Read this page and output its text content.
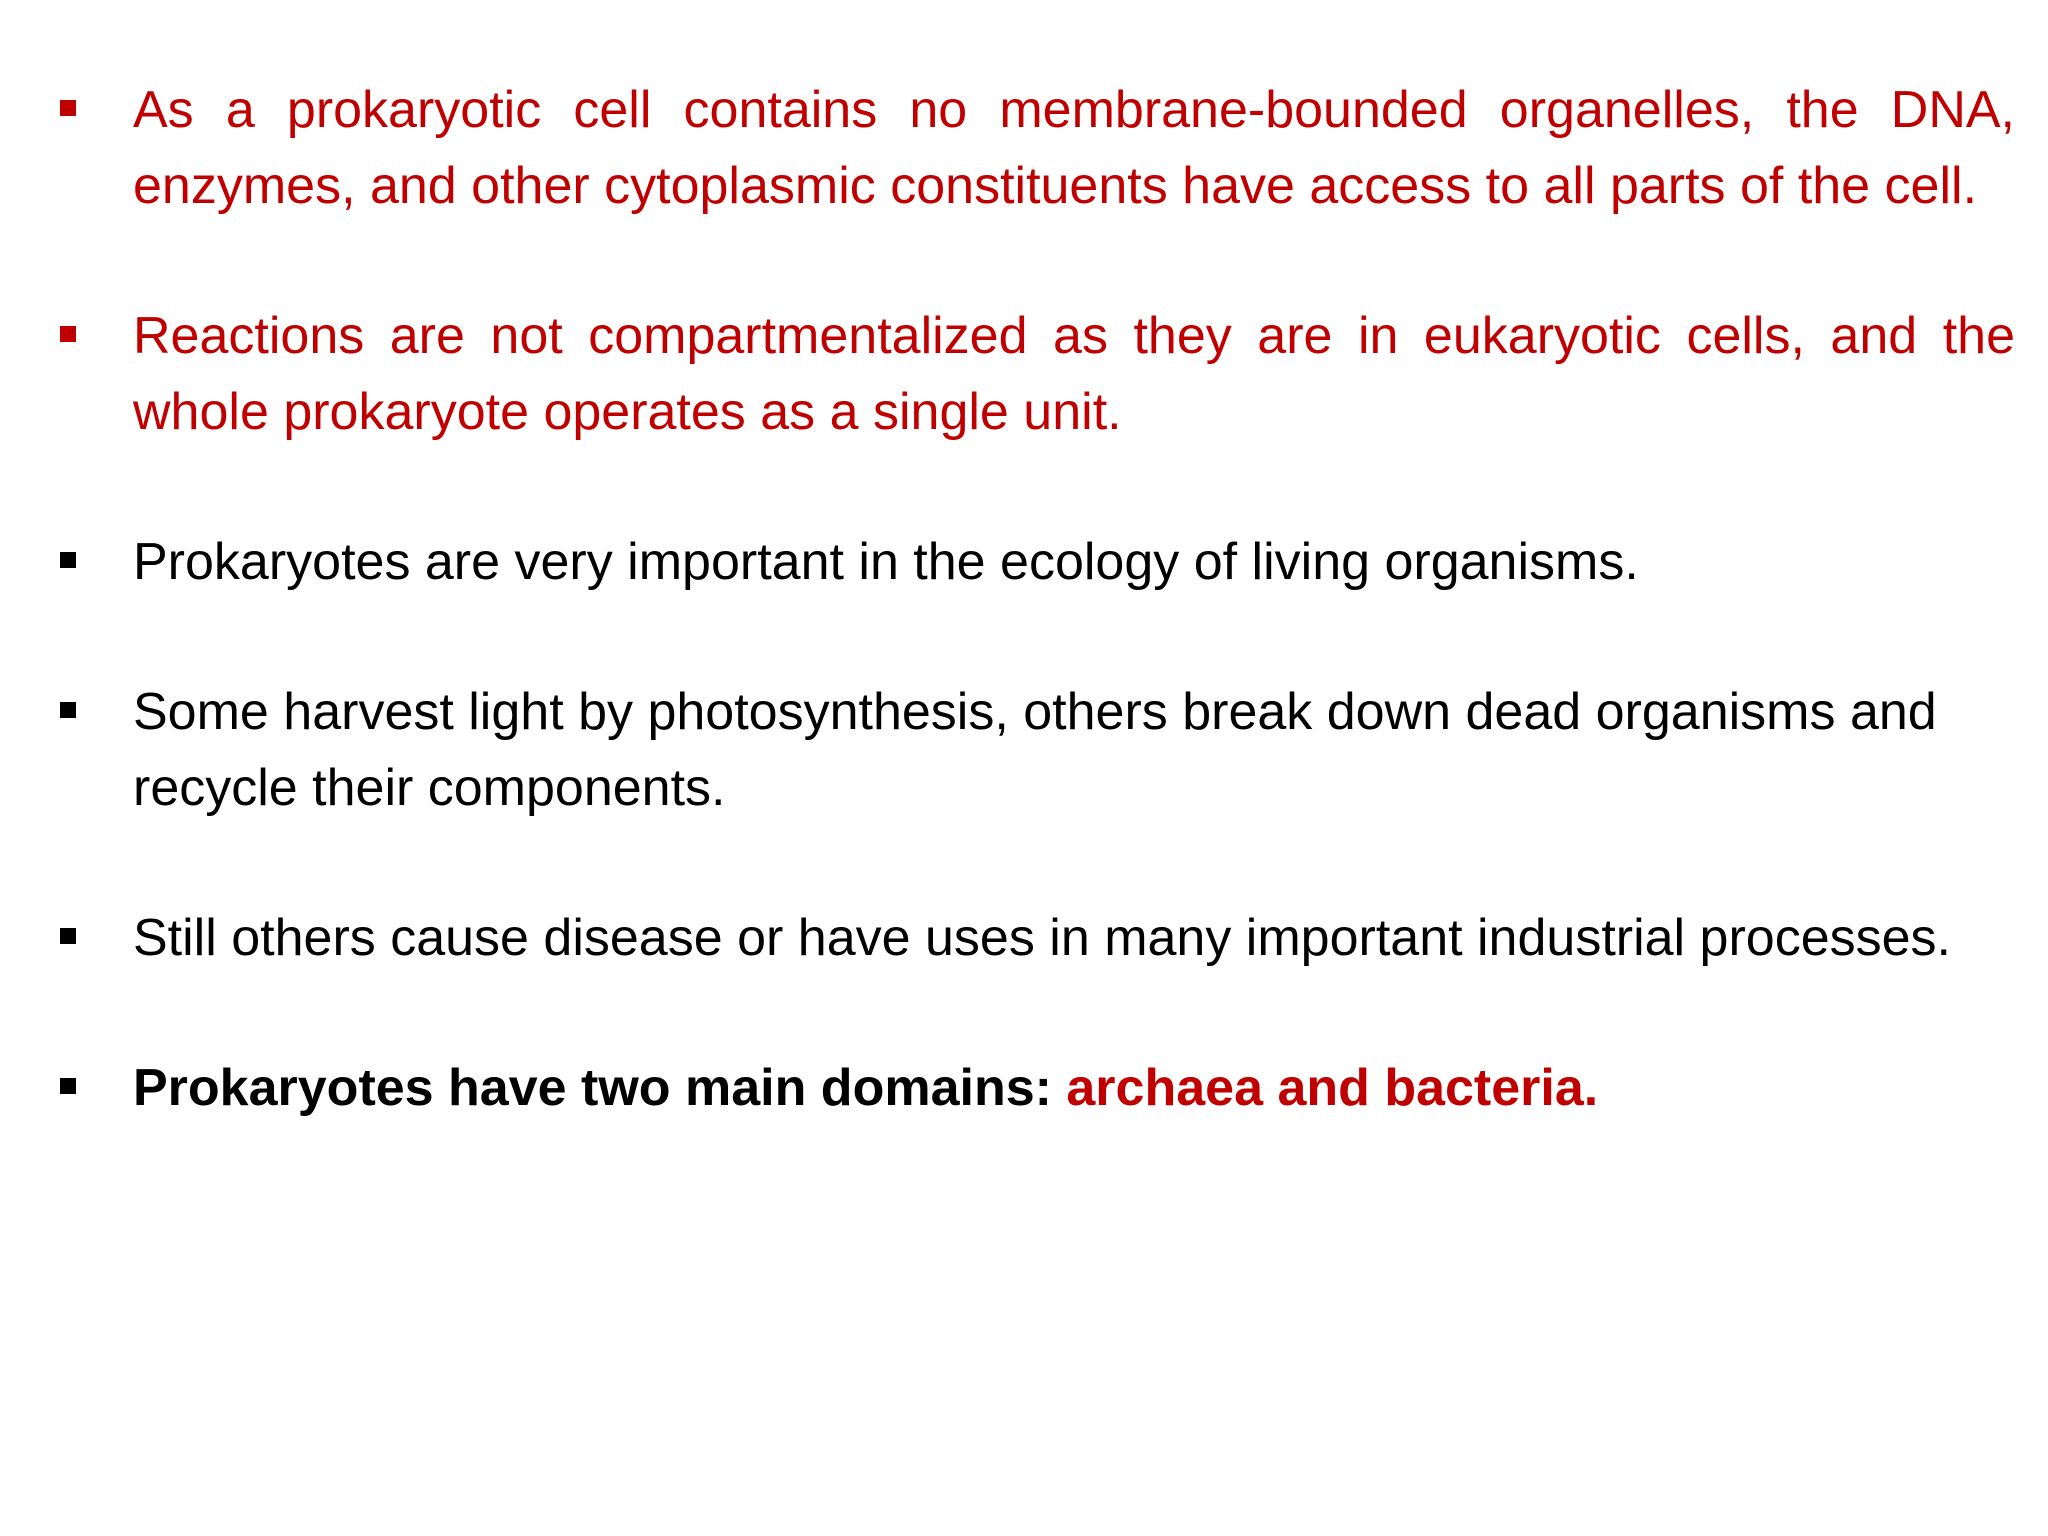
As a prokaryotic cell contains no membrane-bounded organelles, the DNA, enzymes, and other cytoplasmic constituents have access to all parts of the cell.
Reactions are not compartmentalized as they are in eukaryotic cells, and the whole prokaryote operates as a single unit.
Prokaryotes are very important in the ecology of living organisms.
Some harvest light by photosynthesis, others break down dead organisms and recycle their components.
Still others cause disease or have uses in many important industrial processes.
Prokaryotes have two main domains: archaea and bacteria.
